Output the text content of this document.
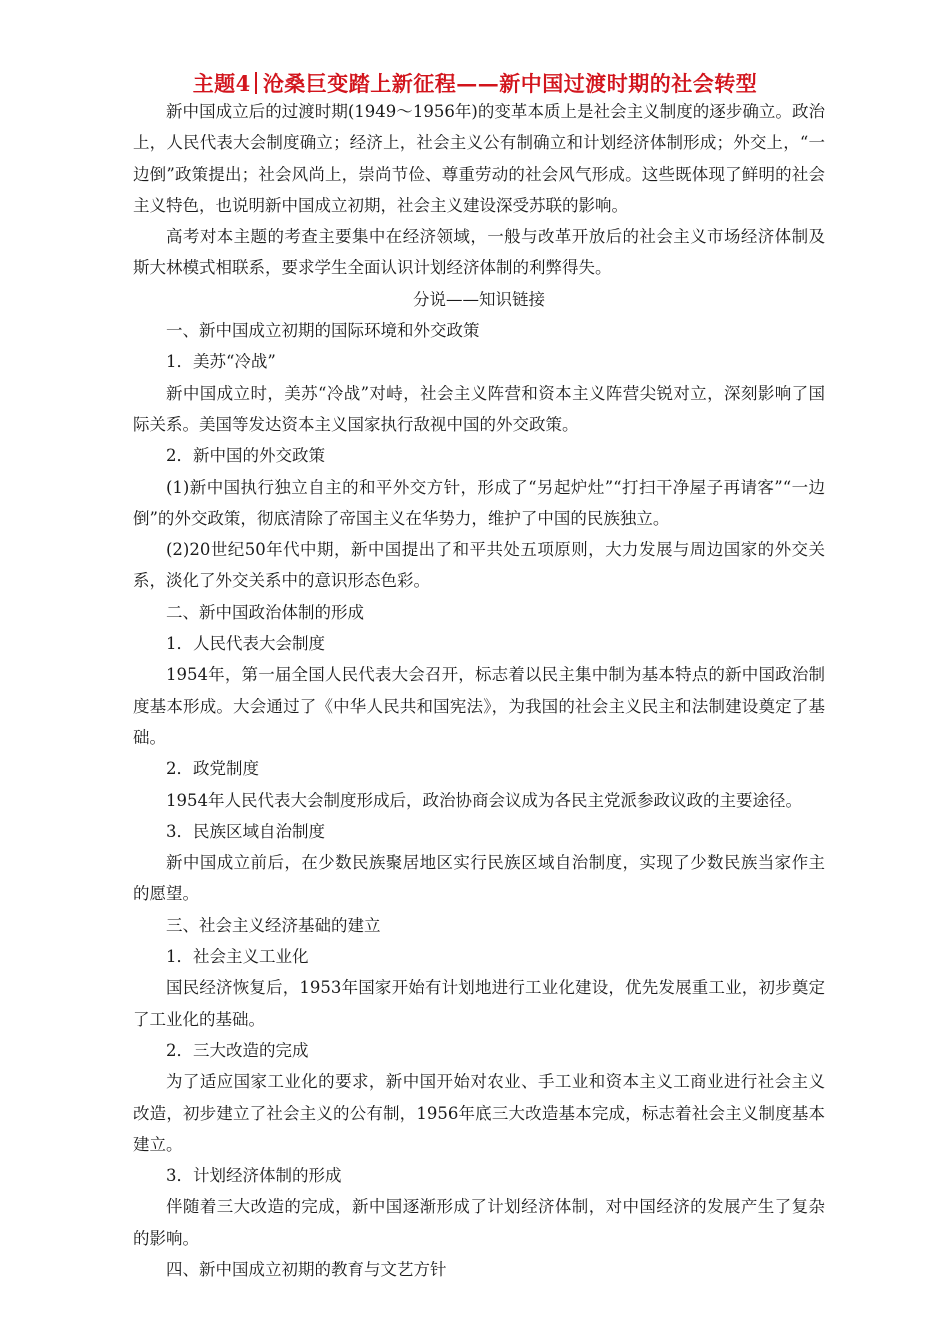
主题4 沧桑巨变踏上新征程——新中国过渡时期的社会转型

新中国成立后的过渡时期(1949～1956年)的变革本质上是社会主义制度的逐步确立。政治上，人民代表大会制度确立；经济上，社会主义公有制确立和计划经济体制形成；外交上，“一边倒”政策提出；社会风尚上，崇尚节俭、尊重劳动的社会风气形成。这些既体现了鲜明的社会主义特色，也说明新中国成立初期，社会主义建设深受苏联的影响。

高考对本主题的考查主要集中在经济领域，一般与改革开放后的社会主义市场经济体制及斯大林模式相联系，要求学生全面认识计划经济体制的利弊得失。

分说——知识链接

一、新中国成立初期的国际环境和外交政策

1．美苏“冷战”

新中国成立时，美苏“冷战”对峙，社会主义阵营和资本主义阵营尖锐对立，深刻影响了国际关系。美国等发达资本主义国家执行敌视中国的外交政策。

2．新中国的外交政策

(1)新中国执行独立自主的和平外交方针，形成了“另起炉灶”“打扫干净屋子再请客”“一边倒”的外交政策，彻底清除了帝国主义在华势力，维护了中国的民族独立。

(2)20世纪50年代中期，新中国提出了和平共处五项原则，大力发展与周边国家的外交关系，淡化了外交关系中的意识形态色彩。

二、新中国政治体制的形成

1．人民代表大会制度

1954年，第一届全国人民代表大会召开，标志着以民主集中制为基本特点的新中国政治制度基本形成。大会通过了《中华人民共和国宪法》，为我国的社会主义民主和法制建设奠定了基础。

2．政党制度

1954年人民代表大会制度形成后，政治协商会议成为各民主党派参政议政的主要途径。

3．民族区域自治制度

新中国成立前后，在少数民族聚居地区实行民族区域自治制度，实现了少数民族当家作主的愿望。

三、社会主义经济基础的建立

1．社会主义工业化

国民经济恢复后，1953年国家开始有计划地进行工业化建设，优先发展重工业，初步奠定了工业化的基础。

2．三大改造的完成

为了适应国家工业化的要求，新中国开始对农业、手工业和资本主义工商业进行社会主义改造，初步建立了社会主义的公有制，1956年底三大改造基本完成，标志着社会主义制度基本建立。

3．计划经济体制的形成

伴随着三大改造的完成，新中国逐渐形成了计划经济体制，对中国经济的发展产生了复杂的影响。

四、新中国成立初期的教育与文艺方针
